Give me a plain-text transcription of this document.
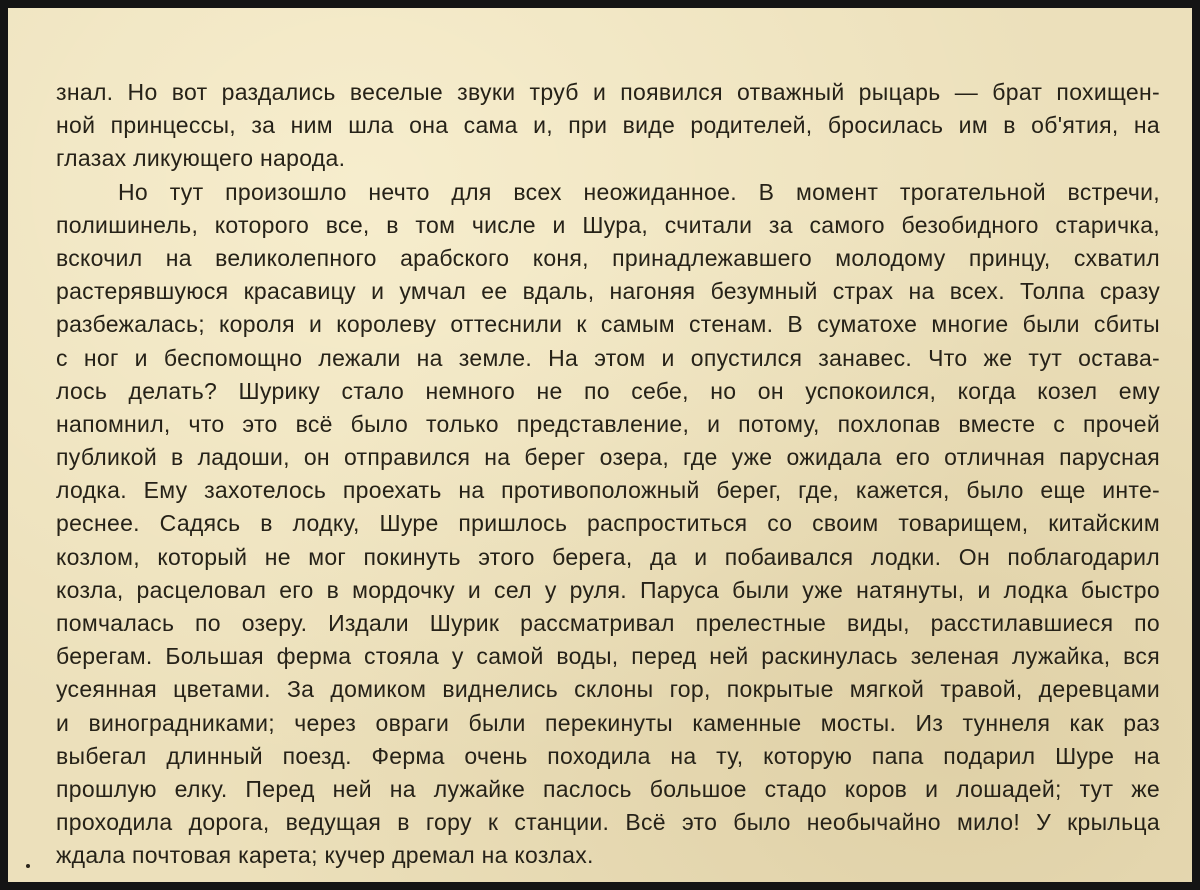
знал. Но вот раздались веселые звуки труб и появился отважный рыцарь — брат похищен-
ной принцессы, за ним шла она сама и, при виде родителей, бросилась им в об'ятия, на
глазах ликующего народа.
Но тут произошло нечто для всех неожиданное. В момент трогательной встречи,
полишинель, которого все, в том числе и Шура, считали за самого безобидного старичка,
вскочил на великолепного арабского коня, принадлежавшего молодому принцу, схватил
растерявшуюся красавицу и умчал ее вдаль, нагоняя безумный страх на всех. Толпа сразу
разбежалась; короля и королеву оттеснили к самым стенам. В суматохе многие были сбиты
с ног и беспомощно лежали на земле. На этом и опустился занавес. Что же тут остава-
лось делать? Шурику стало немного не по себе, но он успокоился, когда козел ему
напомнил, что это всё было только представление, и потому, похлопав вместе с прочей
публикой в ладоши, он отправился на берег озера, где уже ожидала его отличная парусная
лодка. Ему захотелось проехать на противоположный берег, где, кажется, было еще инте-
реснее. Садясь в лодку, Шуре пришлось распроститься со своим товарищем, китайским
козлом, который не мог покинуть этого берега, да и побаивался лодки. Он поблагодарил
козла, расцеловал его в мордочку и сел у руля. Паруса были уже натянуты, и лодка быстро
помчалась по озеру. Издали Шурик рассматривал прелестные виды, расстилавшиеся по
берегам. Большая ферма стояла у самой воды, перед ней раскинулась зеленая лужайка, вся
усеянная цветами. За домиком виднелись склоны гор, покрытые мягкой травой, деревцами
и виноградниками; через овраги были перекинуты каменные мосты. Из туннеля как раз
выбегал длинный поезд. Ферма очень походила на ту, которую папа подарил Шуре на
прошлую елку. Перед ней на лужайке паслось большое стадо коров и лошадей; тут же
проходила дорога, ведущая в гору к станции. Всё это было необычайно мило! У крыльца
ждала почтовая карета; кучер дремал на козлах.
